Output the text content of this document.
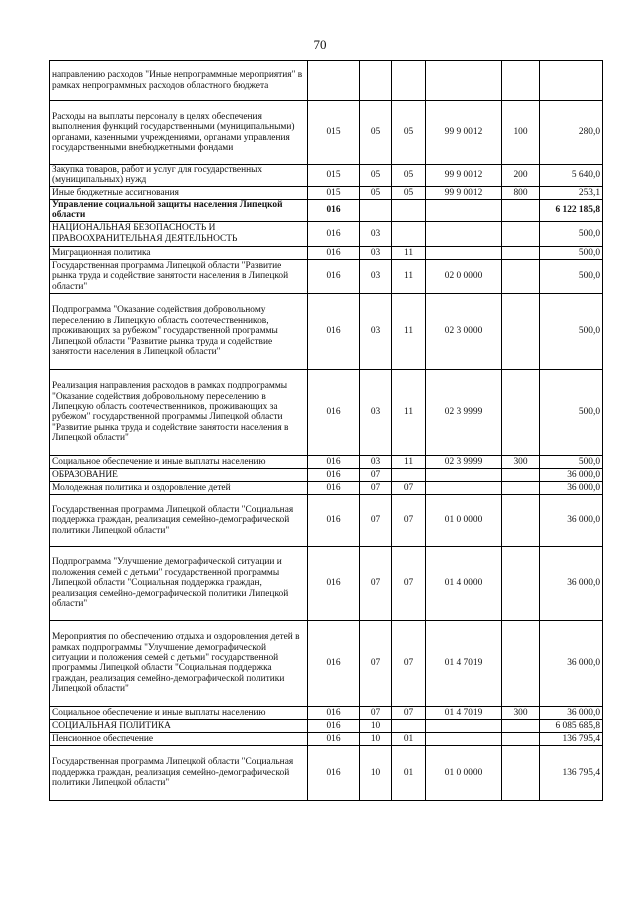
70
направлению расходов "Иные непрограммные мероприятия" в рамках непрограммных расходов областного бюджета						
Расходы на выплаты персоналу в целях обеспечения выполнения функций государственными (муниципальными) органами, казенными учреждениями, органами управления государственными внебюджетными фондами	015	05	05	99 9 0012	100	280,0
Закупка товаров, работ и услуг для государственных (муниципальных) нужд	015	05	05	99 9 0012	200	5 640,0
Иные бюджетные ассигнования	015	05	05	99 9 0012	800	253,1
Управление социальной защиты населения Липецкой области	016					6 122 185,8
НАЦИОНАЛЬНАЯ БЕЗОПАСНОСТЬ И ПРАВООХРАНИТЕЛЬНАЯ ДЕЯТЕЛЬНОСТЬ	016	03				500,0
Миграционная политика	016	03	11			500,0
Государственная программа Липецкой области "Развитие рынка труда и содействие занятости населения в Липецкой области"	016	03	11	02 0 0000		500,0
Подпрограмма "Оказание содействия добровольному переселению в Липецкую область соотечественников, проживающих за рубежом" государственной программы Липецкой области "Развитие рынка труда и содействие занятости населения в Липецкой области"	016	03	11	02 3 0000		500,0
Реализация направления расходов в рамках подпрограммы "Оказание содействия добровольному переселению в Липецкую область соотечественников, проживающих за рубежом" государственной программы Липецкой области "Развитие рынка труда и содействие занятости населения в Липецкой области"	016	03	11	02 3 9999		500,0
Социальное обеспечение и иные выплаты населению	016	03	11	02 3 9999	300	500,0
ОБРАЗОВАНИЕ	016	07				36 000,0
Молодежная политика и оздоровление детей	016	07	07			36 000,0
Государственная программа Липецкой области "Социальная поддержка граждан, реализация семейно-демографической политики Липецкой области"	016	07	07	01 0 0000		36 000,0
Подпрограмма "Улучшение демографической ситуации и положения семей с детьми" государственной программы Липецкой области "Социальная поддержка граждан, реализация семейно-демографической политики Липецкой области"	016	07	07	01 4 0000		36 000,0
Мероприятия по обеспечению отдыха и оздоровления детей в рамках подпрограммы "Улучшение демографической ситуации и положения семей с детьми" государственной программы Липецкой области "Социальная поддержка граждан, реализация семейно-демографической политики Липецкой области"	016	07	07	01 4 7019		36 000,0
Социальное обеспечение и иные выплаты населению	016	07	07	01 4 7019	300	36 000,0
СОЦИАЛЬНАЯ ПОЛИТИКА	016	10				6 085 685,8
Пенсионное обеспечение	016	10	01			136 795,4
Государственная программа Липецкой области "Социальная поддержка граждан, реализация семейно-демографической политики Липецкой области"	016	10	01	01 0 0000		136 795,4
